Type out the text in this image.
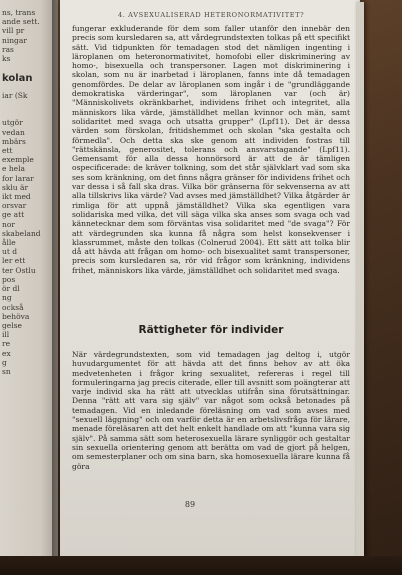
ns, trans
ande sett.
vill pr
ningar
ras
ks

iar (Sk

utgör
vedan
mbärs
ett
exemple
e hela
for larar
sklu är
ikt med
orsvar
ge att
nor
skabeland
ålle
ut d
ler ett
ter Ostlu
pos
ör dl
ng
också
behöva
gelse
ill
re
ex
g
sn
kolan
4. AVSEXUALISERAD HETERONORMATIVITET?

fungerar exkluderande för dem som faller utanför den innebär den precis som kursledaren sa, att vårdegrundstexten tolkas på ett specifikt sätt. Vid tidpunkten för temadagen stod det nämligen ingenting i läroplanen om heteronormativitet, homofobi eller diskriminering av homo-, bisexuella och transpersoner. Lagen mot diskriminering i skolan, som nu är inarbetad i läroplanen, fanns inte då temadagen genomfördes. De delar av läroplanen som ingår i de "grundläggande demokratiska värderingar", som läroplanen var (och är) "Människolivets okränkbarhet, individens frihet och integritet, alla människors lika värde, jämställdhet mellan kvinnor och män, samt solidaritet med svaga och utsatta grupper" (Lpf11). Det är dessa värden som förskolan, fritidshemmet och skolan "ska gestalta och förmedla". Och detta ska ske genom att individen fostras till "rättskänsla, generositet, tolerans och ansvarstagande" (Lpf11). Gemensamt för alla dessa honnörsord är att de är tämligen ospecificerade: de kräver tolkning, som det står självklart vad som ska ses som kränkning, om det finns några gränser för individens frihet och var dessa i så fall ska dras. Vilka bör gränserna för sekvenserna av att alla tillskrivs lika värde? Vad avses med jämställdhet? Vilka åtgärder är rimliga för att uppnå jämställdhet? Vilka ska egentligen vara solidariska med vilka, det vill säga vilka ska anses som svaga och vad kännetecknar dem som förväntas visa solidaritet med "de svaga"? För att värdegrunden ska kunna få några som helst konsekvenser i klassrummet, måste den tolkas (Colnerud 2004). Ett sätt att tolka blir då att hävda att frågan om homo- och bisexualitet samt transpersoner, precis som kursledaren sa, rör vid frågor som kränkning, individens frihet, människors lika värde, jämställdhet och solidaritet med svaga.

Rättigheter för individer

När värdegrundstexten, som vid temadagen jag deltog i, utgör huvudargumentet för att hävda att det finns behov av att öka medvetenheten i frågor kring sexualitet, refereras i regel till formuleringarna jag precis citerade, eller till avsnitt som poängterar att varje individ ska ha rätt att utvecklas utifrån sina förutsättningar. Denna "rätt att vara sig själv" var något som också betonades på temadagen. Vid en inledande föreläsning om vad som avses med "sexuell läggning" och om varför detta är en arbetslivsfråga för lärare, menade föreläsaren att det helt enkelt handlade om att "kunna vara sig själv". På samma sätt som heterosexuella lärare synliggör och gestaltar sin sexuella orientering genom att berätta om vad de gjort på helgen, om semesterplaner och om sina barn, ska homosexuella lärare kunna få göra

89
